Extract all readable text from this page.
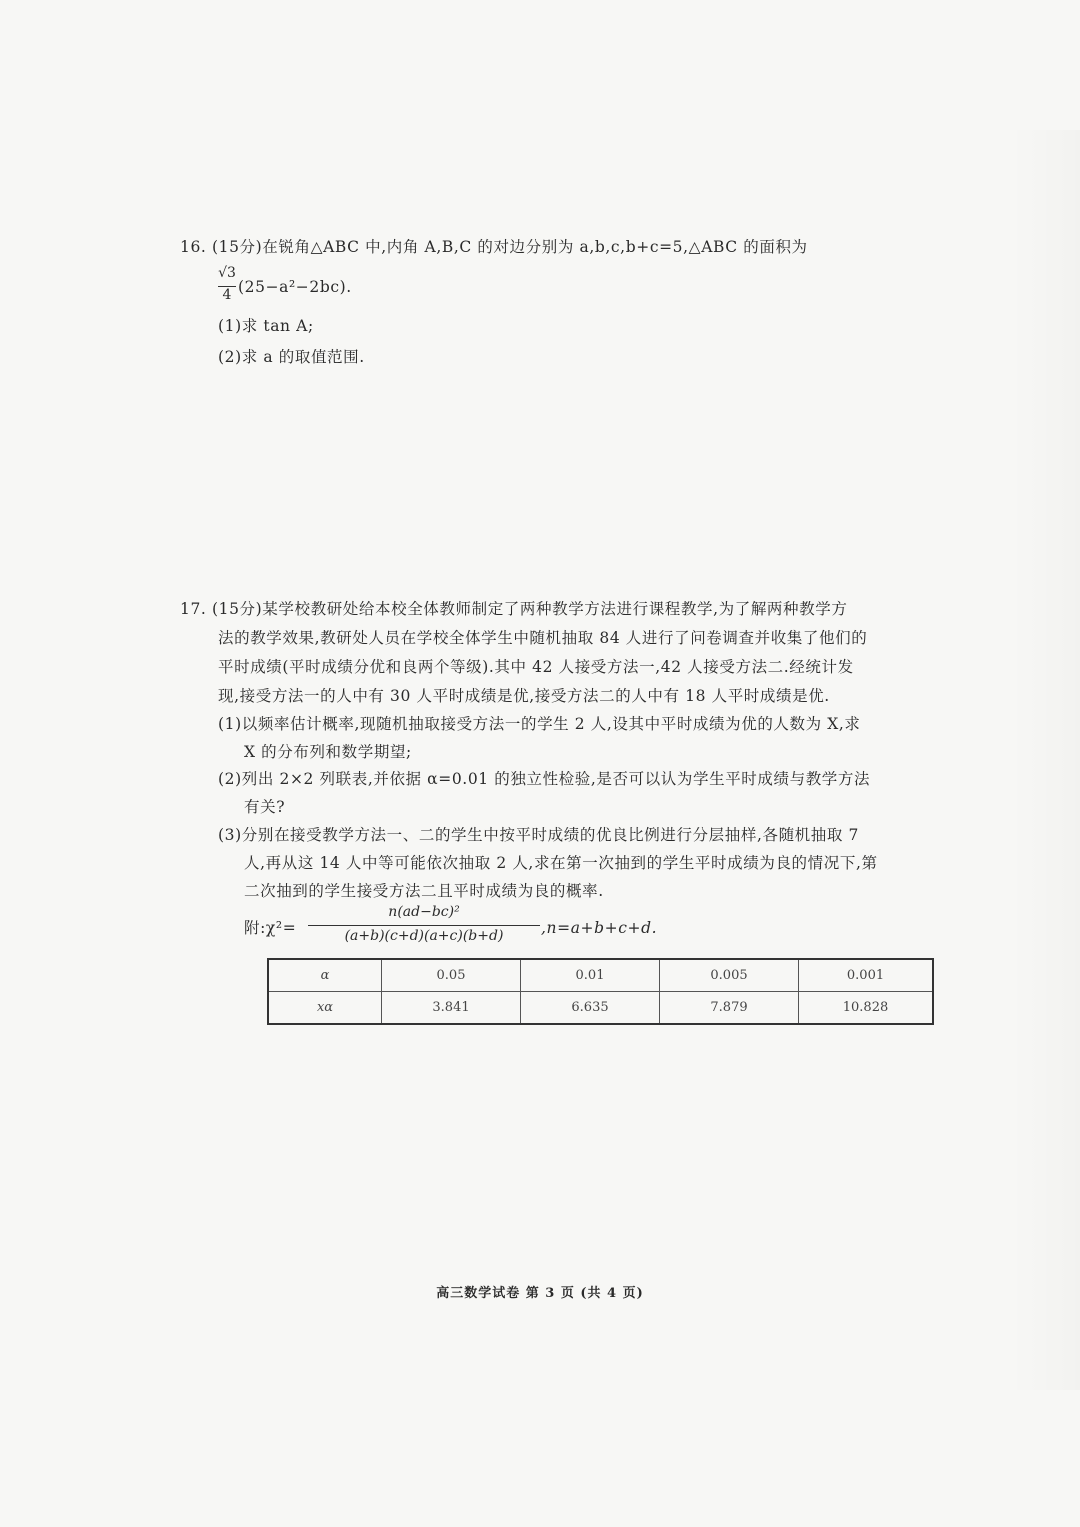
16. (15分)在锐角△ABC 中,内角 A,B,C 的对边分别为 a,b,c,b+c=5,△ABC 的面积为
√3
4 (25−a²−2bc).
(1)求 tan A;
(2)求 a 的取值范围.
17. (15分)某学校教研处给本校全体教师制定了两种教学方法进行课程教学,为了解两种教学方
法的教学效果,教研处人员在学校全体学生中随机抽取 84 人进行了问卷调查并收集了他们的
平时成绩(平时成绩分优和良两个等级).其中 42 人接受方法一,42 人接受方法二.经统计发
现,接受方法一的人中有 30 人平时成绩是优,接受方法二的人中有 18 人平时成绩是优.
(1)以频率估计概率,现随机抽取接受方法一的学生 2 人,设其中平时成绩为优的人数为 X,求
X 的分布列和数学期望;
(2)列出 2×2 列联表,并依据 α=0.01 的独立性检验,是否可以认为学生平时成绩与教学方法
有关?
(3)分别在接受教学方法一、二的学生中按平时成绩的优良比例进行分层抽样,各随机抽取 7
人,再从这 14 人中等可能依次抽取 2 人,求在第一次抽到的学生平时成绩为良的情况下,第
二次抽到的学生接受方法二且平时成绩为良的概率.
附:χ²=
n(ad−bc)²
(a+b)(c+d)(a+c)(b+d)	,n=a+b+c+d.
α	0.05	0.01	0.005	0.001
xα	3.841	6.635	7.879	10.828
高三数学试卷 第 3 页 (共 4 页)
